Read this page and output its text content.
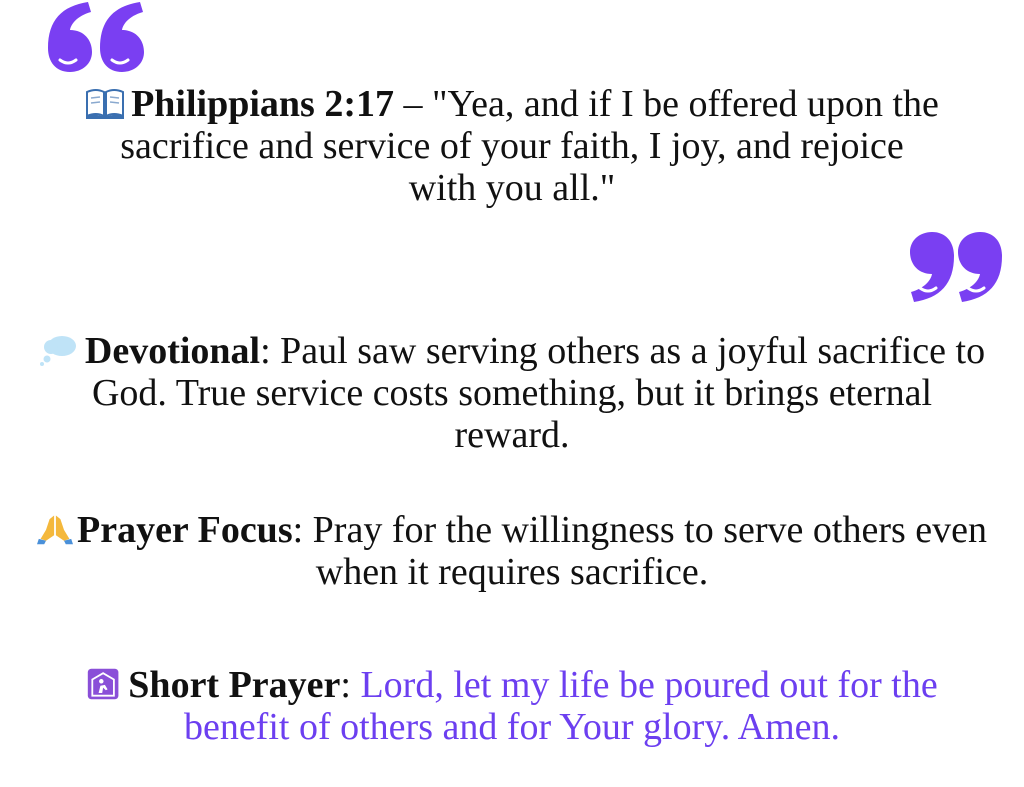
Philippians 2:17 – "Yea, and if I be offered upon the sacrifice and service of your faith, I joy, and rejoice with you all."
Devotional: Paul saw serving others as a joyful sacrifice to God. True service costs something, but it brings eternal reward.
Prayer Focus: Pray for the willingness to serve others even when it requires sacrifice.
Short Prayer: Lord, let my life be poured out for the benefit of others and for Your glory. Amen.
